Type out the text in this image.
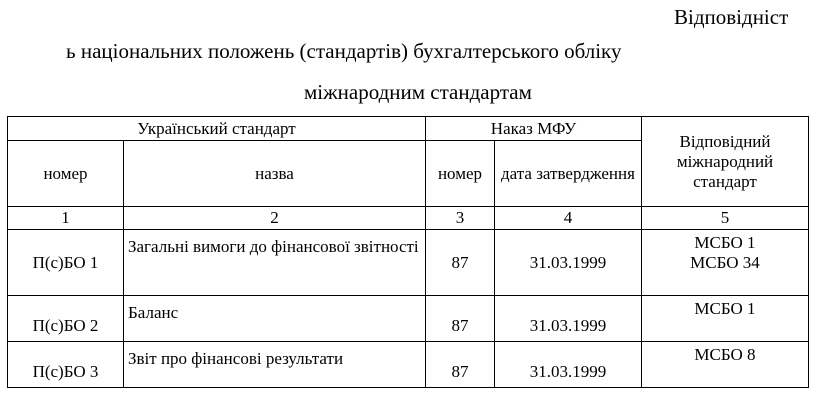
Відповідніст
ь національних положень (стандартів) бухгалтерського обліку
міжнародним стандартам
Український стандарт		Наказ МФУ		Відповідний міжнародний стандарт
номер	назва	номер	дата затвердження	
1	2	3	4	5
П(с)БО 1	Загальні вимоги до фінансової звітності	87	31.03.1999	МСБО 1
МСБО 34

П(с)БО 2	Баланс	87	31.03.1999	МСБО 1

П(с)БО 3	Звіт про фінансові результати	87	31.03.1999	МСБО 8
